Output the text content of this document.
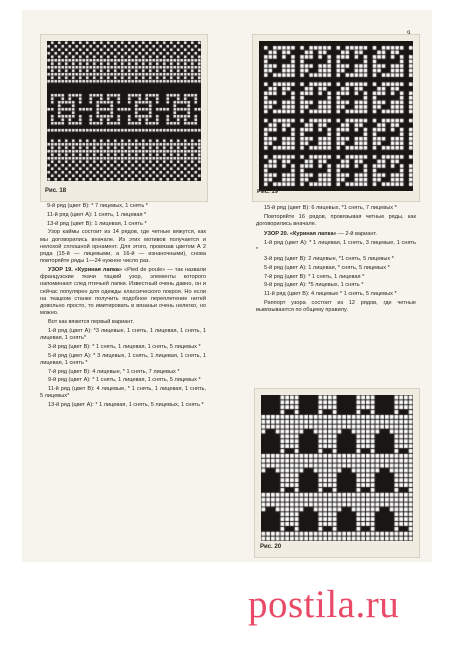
Рис. 18	Рис. 19
Рис. 20

9-й ряд (цвет В): * 7 лицевых, 1 снять *

11-й ряд (цвет А): 1 снять, 1 лицевая *

13-й ряд (цвет В): 1 лицевая, 1 снять *

Узор каймы состоит из 14 рядов, где четные вяжутся, как мы договорились вначале. Из этих мотивов получается и нелохой сплошной орнамент. Для этого, провязав цветом А 2 ряда (15-й — лицевыми, а 16-й — изнаночными), снова повторяйте ряды 1—24 нужное число раз.

УЗОР 19. «Куриная лапка» «Pied de poule» — так назвали французские ткачи тацкий узор, элементы которого напоминают след птичьей лапки. Известный очень давно, он и сейчас популярен для одежды классического покроя. Но если на ткацком станке получить подобное переплетение нитей довольно просто, то имитировать в вязаньи очень нелегко, но можно.

Вот как вяжется первый вариант.

1-й ряд (цвет А): *3 лицевые, 1 снять, 1 лицевая, 1 снять, 1 лицевая, 1 снять*

3-й ряд (цвет В): * 1 снять, 1 лицевая, 1 снять, 5 лицевых *

5-й ряд (цвет А): * 3 лицевых, 1 снять, 1 лицевая, 1 снять, 1 лицевая, 1 снять *

7-й ряд (цвет В): 4 лицевые, * 1 снять, 7 лицевых *

9-й ряд (цвет А): * 1 снять, 1 лицевая, 1 снять, 5 лицевых *

11-й ряд (цвет В): 4 лицевые, * 1 снять, 1 лицевая, 1 снять, 5 лицевых*

13-й ряд (цвет А): * 1 лицевая, 1 снять, 5 лицевых, 1 снять *

15-й ряд (цвет В): 6 лицевых, *1 снять, 7 лицевых *

Повторяйте 16 рядов, провязывая четные ряды, как договорились вначале.

УЗОР 20. «Куриная лапка» — 2-й вариант.

1-й ряд (цвет А): * 1 лицевая, 1 снять, 3 лицевые, 1 снять *

3-й ряд (цвет В): 2 лицевые, *1 снять, 5 лицевых *

5-й ряд (цвет А): 1 лицевая, * снять, 5 лицевых *

7-й ряд (цвет В): * 1 снять, 1 лицевая *

9-й ряд (цвет А): *5 лицевых, 1 снять *

11-й ряд (цвет В): 4 лицевые * 1 снять, 5 лицевых *

Раппорт узора состоит из 12 рядов, где четные вывязываются по общему правилу.

postila.ru
